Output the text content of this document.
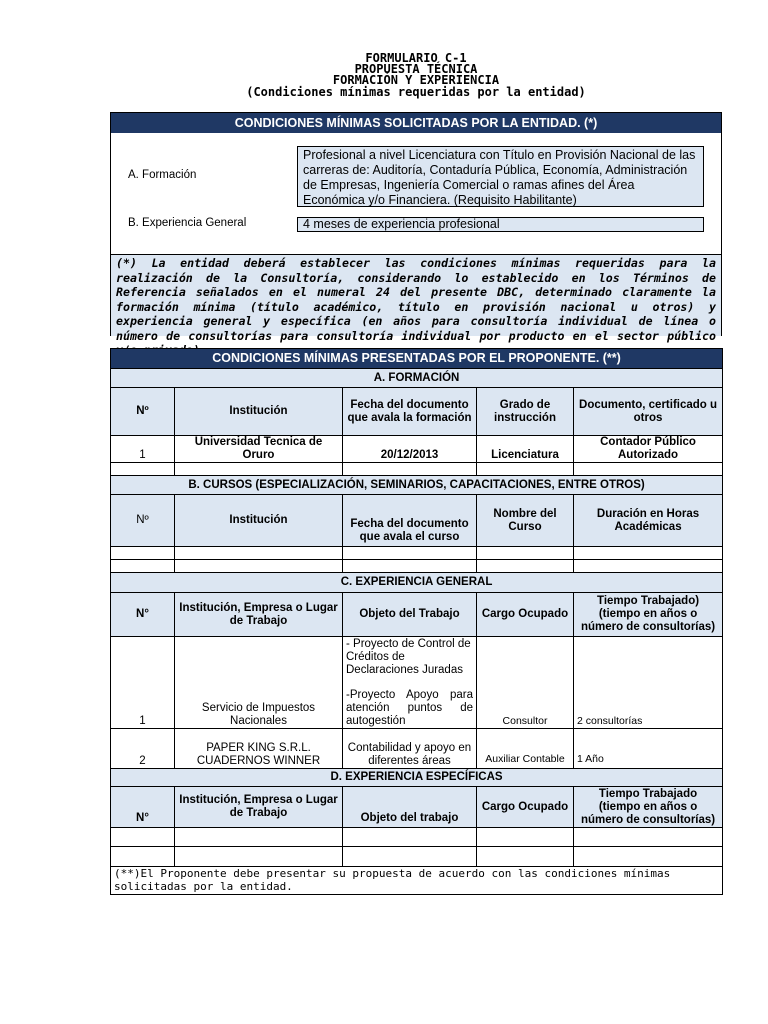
FORMULARIO C-1
PROPUESTA TÉCNICA
FORMACIÓN Y EXPERIENCIA
(Condiciones mínimas requeridas por la entidad)
CONDICIONES MÍNIMAS SOLICITADAS POR LA ENTIDAD. (*)
A. Formación
Profesional a nivel Licenciatura con Título en Provisión Nacional de las carreras de: Auditoría, Contaduría Pública, Economía, Administración de Empresas, Ingeniería Comercial o ramas afines del Área Económica y/o Financiera. (Requisito Habilitante)
B. Experiencia General	4 meses de experiencia profesional
(*) La entidad deberá establecer las condiciones mínimas requeridas para la realización de la Consultoría, considerando lo establecido en los Términos de Referencia señalados en el numeral 24 del presente DBC, determinado claramente la formación mínima (título académico, título en provisión nacional u otros) y experiencia general y específica (en años para consultoría individual de línea o número de consultorías para consultoría individual por producto en el sector público
CONDICIONES MÍNIMAS PRESENTADAS POR EL PROPONENTE. (**)				
A. FORMACIÓN				
Nº	Institución	Fecha del documento que avala la formación	Grado de instrucción	Documento, certificado u otros
1	Universidad Tecnica de Oruro	20/12/2013	Licenciatura	Contador Público Autorizado

B. CURSOS (ESPECIALIZACIÓN, SEMINARIOS, CAPACITACIONES, ENTRE OTROS)				
Nº	Institución	Fecha del documento que avala el curso	Nombre del Curso	Duración en Horas Académicas

C. EXPERIENCIA GENERAL				
N°	Institución, Empresa o Lugar de Trabajo	Objeto del Trabajo	Cargo Ocupado	Tiempo Trabajado) (tiempo en años o número de consultorías)
1	Servicio de Impuestos Nacionales	- Proyecto de Control de Créditos de Declaraciones Juradas
-Proyecto Apoyo para atención puntos de autogestión	Consultor	2 consultorías
2	PAPER KING S.R.L. CUADERNOS WINNER	Contabilidad y apoyo en diferentes áreas	Auxiliar Contable	1 Año
D. EXPERIENCIA ESPECÍFICAS				
N°	Institución, Empresa o Lugar de Trabajo	Objeto del trabajo	Cargo Ocupado	Tiempo Trabajado (tiempo en años o número de consultorías)

(**)El Proponente debe presentar su propuesta de acuerdo con las condiciones mínimas solicitadas por la entidad.				
